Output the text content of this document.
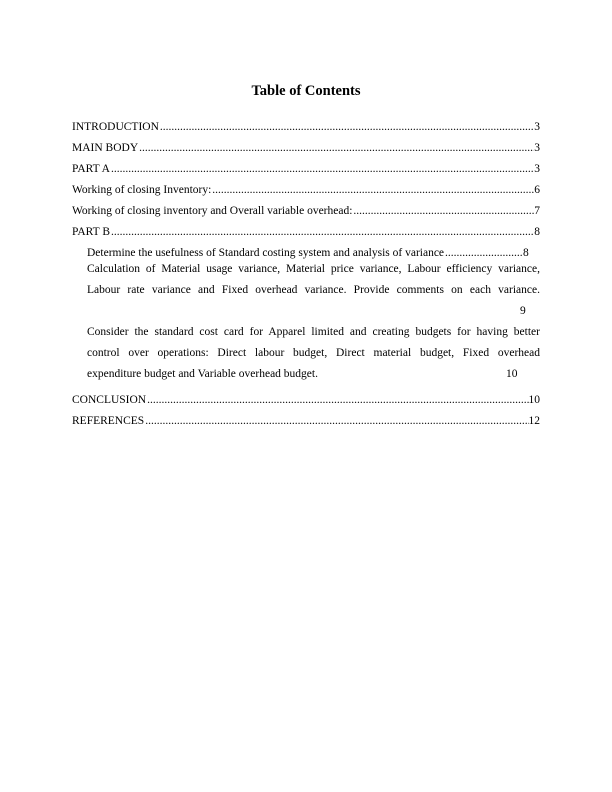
Table of Contents
INTRODUCTION .....	3
MAIN BODY .....	3
PART A .....	3
Working of closing Inventory: .....	6
Working of closing inventory and Overall variable overhead: .....	7
PART B .....	8
Determine the usefulness of Standard costing system and analysis of variance .....	8
Calculation of Material usage variance, Material price variance, Labour efficiency variance,
Labour rate variance and Fixed overhead variance. Provide comments on each variance.
9
Consider the standard cost card for Apparel limited and creating budgets for having better
control over operations: Direct labour budget, Direct material budget, Fixed overhead
expenditure budget and Variable overhead budget.	10
CONCLUSION .....	10
REFERENCES .....	12
